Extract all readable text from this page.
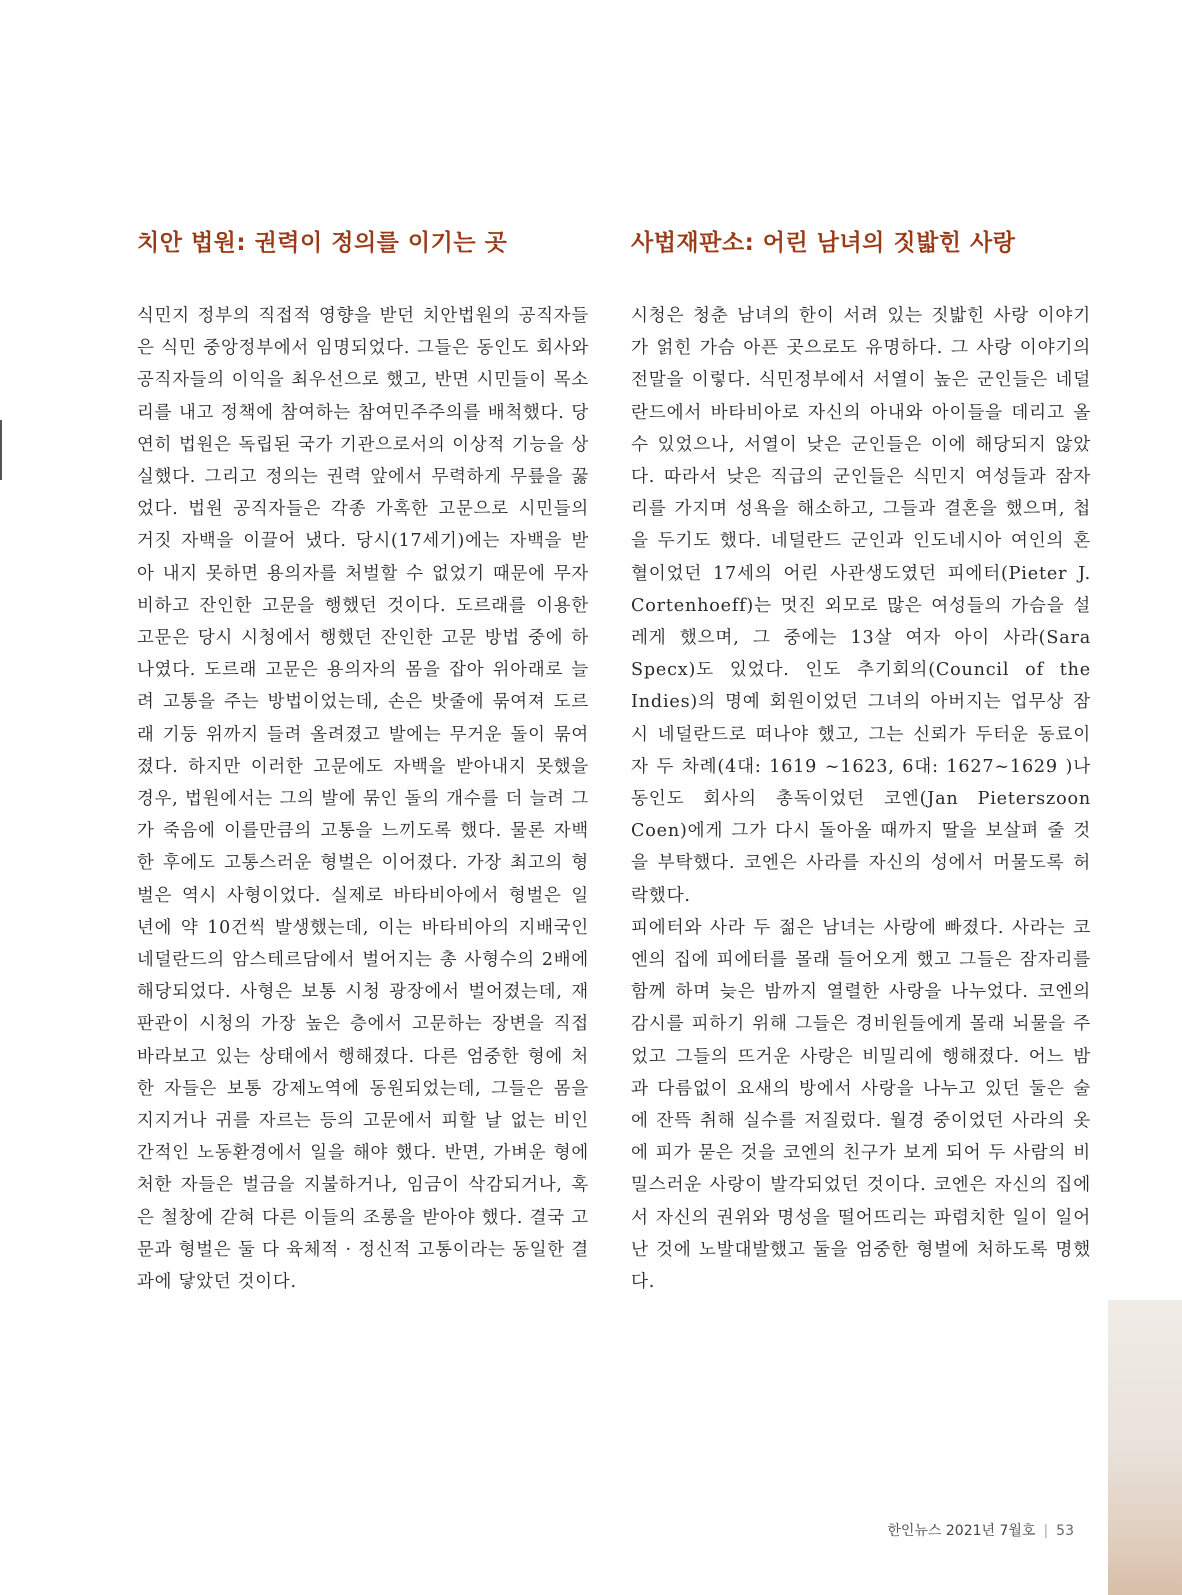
치안 법원: 권력이 정의를 이기는 곳

식민지 정부의 직접적 영향을 받던 치안법원의 공직자들은 식민 중앙정부에서 임명되었다. 그들은 동인도 회사와 공직자들의 이익을 최우선으로 했고, 반면 시민들이 목소리를 내고 정책에 참여하는 참여민주주의를 배척했다. 당연히 법원은 독립된 국가 기관으로서의 이상적 기능을 상실했다. 그리고 정의는 권력 앞에서 무력하게 무릎을 꿇었다. 법원 공직자들은 각종 가혹한 고문으로 시민들의 거짓 자백을 이끌어 냈다. 당시(17세기)에는 자백을 받아 내지 못하면 용의자를 처벌할 수 없었기 때문에 무자비하고 잔인한 고문을 행했던 것이다. 도르래를 이용한 고문은 당시 시청에서 행했던 잔인한 고문 방법 중에 하나였다. 도르래 고문은 용의자의 몸을 잡아 위아래로 늘려 고통을 주는 방법이었는데, 손은 밧줄에 묶여져 도르래 기둥 위까지 들려 올려졌고 발에는 무거운 돌이 묶여졌다. 하지만 이러한 고문에도 자백을 받아내지 못했을 경우, 법원에서는 그의 발에 묶인 돌의 개수를 더 늘려 그가 죽음에 이를만큼의 고통을 느끼도록 했다. 물론 자백한 후에도 고통스러운 형벌은 이어졌다. 가장 최고의 형벌은 역시 사형이었다. 실제로 바타비아에서 형벌은 일 년에 약 10건씩 발생했는데, 이는 바타비아의 지배국인 네덜란드의 암스테르담에서 벌어지는 총 사형수의 2배에 해당되었다. 사형은 보통 시청 광장에서 벌어졌는데, 재판관이 시청의 가장 높은 층에서 고문하는 장변을 직접 바라보고 있는 상태에서 행해졌다. 다른 엄중한 형에 처한 자들은 보통 강제노역에 동원되었는데, 그들은 몸을 지지거나 귀를 자르는 등의 고문에서 피할 날 없는 비인간적인 노동환경에서 일을 해야 했다. 반면, 가벼운 형에 처한 자들은 벌금을 지불하거나, 임금이 삭감되거나, 혹은 철창에 갇혀 다른 이들의 조롱을 받아야 했다. 결국 고문과 형벌은 둘 다 육체적 · 정신적 고통이라는 동일한 결과에 닿았던 것이다.

사법재판소: 어린 남녀의 짓밟힌 사랑

시청은 청춘 남녀의 한이 서려 있는 짓밟힌 사랑 이야기가 얽힌 가슴 아픈 곳으로도 유명하다. 그 사랑 이야기의 전말을 이렇다. 식민정부에서 서열이 높은 군인들은 네덜란드에서 바타비아로 자신의 아내와 아이들을 데리고 올 수 있었으나, 서열이 낮은 군인들은 이에 해당되지 않았다. 따라서 낮은 직급의 군인들은 식민지 여성들과 잠자리를 가지며 성욕을 해소하고, 그들과 결혼을 했으며, 첩을 두기도 했다. 네덜란드 군인과 인도네시아 여인의 혼혈이었던 17세의 어린 사관생도였던 피에터(Pieter J. Cortenhoeff)는 멋진 외모로 많은 여성들의 가슴을 설레게 했으며, 그 중에는 13살 여자 아이 사라(Sara Specx)도 있었다. 인도 추기회의(Council of the Indies)의 명예 회원이었던 그녀의 아버지는 업무상 잠시 네덜란드로 떠나야 했고, 그는 신뢰가 두터운 동료이자 두 차례(4대: 1619 ~1623, 6대: 1627~1629 )나 동인도 회사의 총독이었던 코엔(Jan Pieterszoon Coen)에게 그가 다시 돌아올 때까지 딸을 보살펴 줄 것을 부탁했다. 코엔은 사라를 자신의 성에서 머물도록 허락했다.

피에터와 사라 두 젊은 남녀는 사랑에 빠졌다. 사라는 코엔의 집에 피에터를 몰래 들어오게 했고 그들은 잠자리를 함께 하며 늦은 밤까지 열렬한 사랑을 나누었다. 코엔의 감시를 피하기 위해 그들은 경비원들에게 몰래 뇌물을 주었고 그들의 뜨거운 사랑은 비밀리에 행해졌다. 어느 밤과 다름없이 요새의 방에서 사랑을 나누고 있던 둘은 술에 잔뜩 취해 실수를 저질렀다. 월경 중이었던 사라의 옷에 피가 묻은 것을 코엔의 친구가 보게 되어 두 사람의 비밀스러운 사랑이 발각되었던 것이다. 코엔은 자신의 집에서 자신의 권위와 명성을 떨어뜨리는 파렴치한 일이 일어난 것에 노발대발했고 둘을 엄중한 형벌에 처하도록 명했다.

한인뉴스 2021년 7월호 | 53
